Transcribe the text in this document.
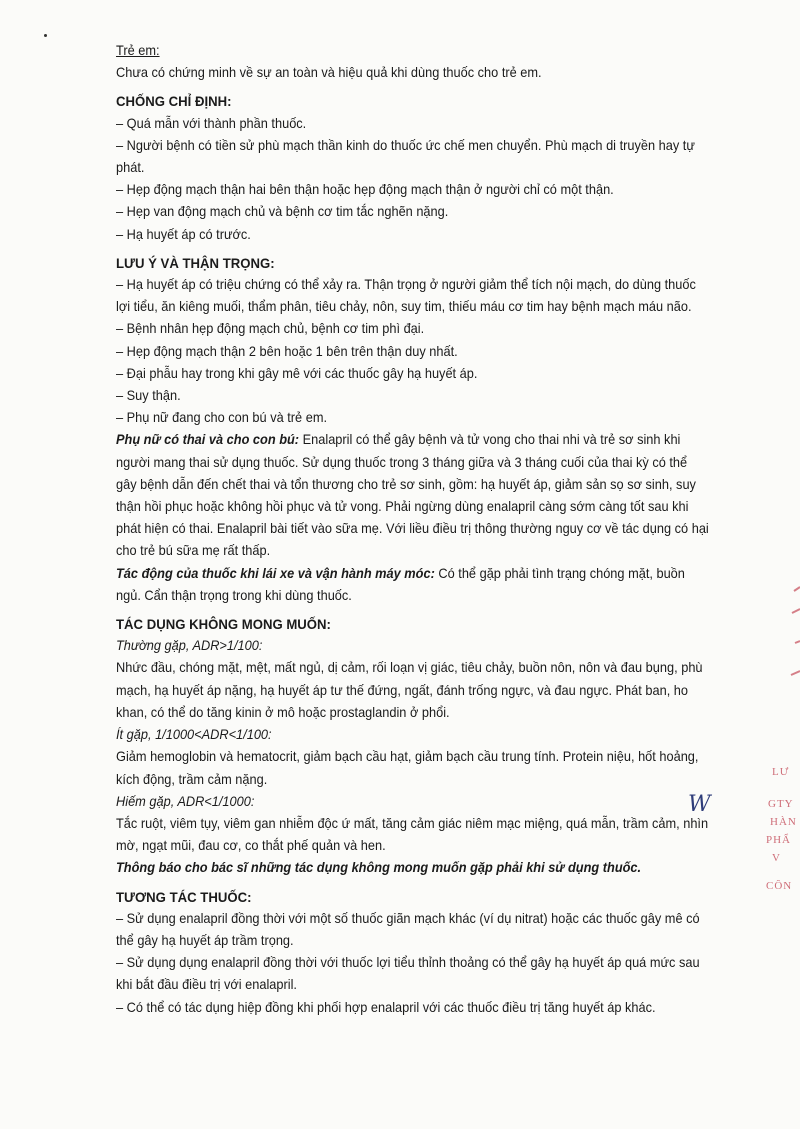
Trẻ em:

Chưa có chứng minh về sự an toàn và hiệu quả khi dùng thuốc cho trẻ em.

CHỐNG CHỈ ĐỊNH:

– Quá mẫn với thành phần thuốc.

– Người bệnh có tiền sử phù mạch thần kinh do thuốc ức chế men chuyển. Phù mạch di truyền hay tự phát.

– Hẹp động mạch thận hai bên thận hoặc hẹp động mạch thận ở người chỉ có một thận.

– Hẹp van động mạch chủ và bệnh cơ tim tắc nghẽn nặng.

– Hạ huyết áp có trước.

LƯU Ý VÀ THẬN TRỌNG:

– Hạ huyết áp có triệu chứng có thể xảy ra. Thận trọng ở người giảm thể tích nội mạch, do dùng thuốc lợi tiểu, ăn kiêng muối, thẩm phân, tiêu chảy, nôn, suy tim, thiếu máu cơ tim hay bệnh mạch máu não.

– Bệnh nhân hẹp động mạch chủ, bệnh cơ tim phì đại.

– Hẹp động mạch thận 2 bên hoặc 1 bên trên thận duy nhất.

– Đại phẫu hay trong khi gây mê với các thuốc gây hạ huyết áp.

– Suy thận.

– Phụ nữ đang cho con bú và trẻ em.

Phụ nữ có thai và cho con bú: Enalapril có thể gây bệnh và tử vong cho thai nhi và trẻ sơ sinh khi người mang thai sử dụng thuốc. Sử dụng thuốc trong 3 tháng giữa và 3 tháng cuối của thai kỳ có thể gây bệnh dẫn đến chết thai và tổn thương cho trẻ sơ sinh, gồm: hạ huyết áp, giảm sản sọ sơ sinh, suy thận hồi phục hoặc không hồi phục và tử vong. Phải ngừng dùng enalapril càng sớm càng tốt sau khi phát hiện có thai. Enalapril bài tiết vào sữa mẹ. Với liều điều trị thông thường nguy cơ về tác dụng có hại cho trẻ bú sữa mẹ rất thấp.

Tác động của thuốc khi lái xe và vận hành máy móc: Có thể gặp phải tình trạng chóng mặt, buồn ngủ. Cẩn thận trọng trong khi dùng thuốc.

TÁC DỤNG KHÔNG MONG MUỐN:

Thường gặp, ADR>1/100:

Nhức đầu, chóng mặt, mệt, mất ngủ, dị cảm, rối loạn vị giác, tiêu chảy, buồn nôn, nôn và đau bụng, phù mạch, hạ huyết áp nặng, hạ huyết áp tư thế đứng, ngất, đánh trống ngực, và đau ngực. Phát ban, ho khan, có thể do tăng kinin ở mô hoặc prostaglandin ở phổi.

Ít gặp, 1/1000<ADR<1/100:

Giảm hemoglobin và hematocrit, giảm bạch cầu hạt, giảm bạch cầu trung tính. Protein niệu, hốt hoảng, kích động, trầm cảm nặng.

Hiếm gặp, ADR<1/1000:

Tắc ruột, viêm tụy, viêm gan nhiễm độc ứ mất, tăng cảm giác niêm mạc miệng, quá mẫn, trầm cảm, nhìn mờ, ngạt mũi, đau cơ, co thắt phế quản và hen.

Thông báo cho bác sĩ những tác dụng không mong muốn gặp phải khi sử dụng thuốc.

TƯƠNG TÁC THUỐC:

– Sử dụng enalapril đồng thời với một số thuốc giãn mạch khác (ví dụ nitrat) hoặc các thuốc gây mê có thể gây hạ huyết áp trầm trọng.

– Sử dụng dụng enalapril đồng thời với thuốc lợi tiểu thỉnh thoảng có thể gây hạ huyết áp quá mức sau khi bắt đầu điều trị với enalapril.

– Có thể có tác dụng hiệp đồng khi phối hợp enalapril với các thuốc điều trị tăng huyết áp khác.

LƯ
GTY
HÀN
PHẨ
V
CÔN
W
